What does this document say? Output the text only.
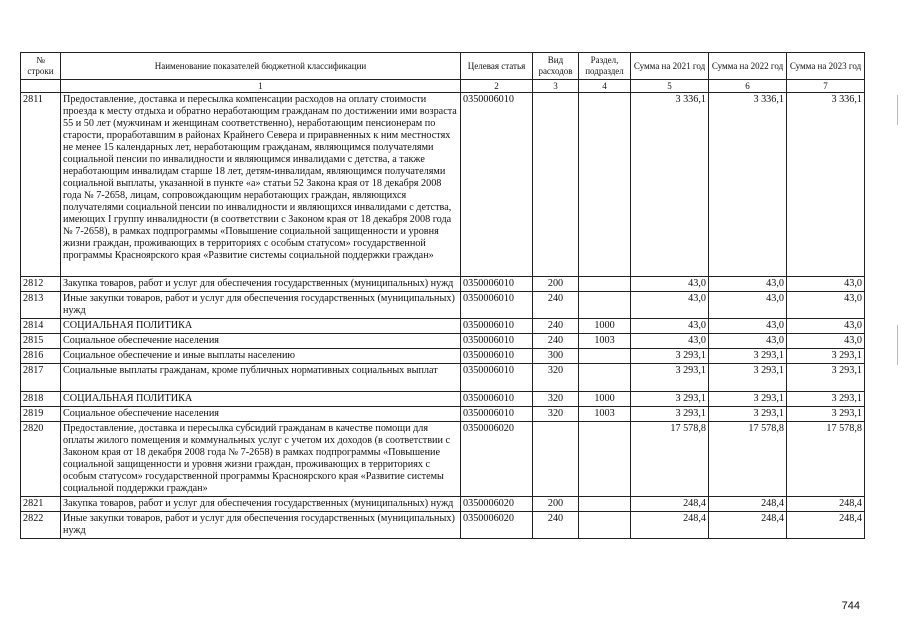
№ строки	Наименование показателей бюджетной классификации	Целевая статья	Вид расходов	Раздел, подраздел	Сумма на 2021 год	Сумма на 2022 год	Сумма на 2023 год
	1	2	3	4	5	6	7
2811	Предоставление, доставка и пересылка компенсации расходов на оплату стоимости проезда к месту отдыха и обратно неработающим гражданам по достижении ими возраста 55 и 50 лет (мужчинам и женщинам соответственно), неработающим пенсионерам по старости, проработавшим в районах Крайнего Севера и приравненных к ним местностях не менее 15 календарных лет, неработающим гражданам, являющимся получателями социальной пенсии по инвалидности и являющимся инвалидами с детства, а также неработающим инвалидам старше 18 лет, детям-инвалидам, являющимся получателями социальной выплаты, указанной в пункте «а» статьи 52 Закона края от 18 декабря 2008 года № 7-2658, лицам, сопровождающим неработающих граждан, являющихся получателями социальной пенсии по инвалидности и являющихся инвалидами с детства, имеющих I группу инвалидности (в соответствии с Законом края от 18 декабря 2008 года № 7-2658), в рамках подпрограммы «Повышение социальной защищенности и уровня жизни граждан, проживающих в территориях с особым статусом» государственной программы Красноярского края «Развитие системы социальной поддержки граждан»	0350006010			3 336,1	3 336,1	3 336,1
2812	Закупка товаров, работ и услуг для обеспечения государственных (муниципальных) нужд	0350006010	200		43,0	43,0	43,0
2813	Иные закупки товаров, работ и услуг для обеспечения государственных (муниципальных) нужд	0350006010	240		43,0	43,0	43,0
2814	СОЦИАЛЬНАЯ ПОЛИТИКА	0350006010	240	1000	43,0	43,0	43,0
2815	Социальное обеспечение населения	0350006010	240	1003	43,0	43,0	43,0
2816	Социальное обеспечение и иные выплаты населению	0350006010	300		3 293,1	3 293,1	3 293,1
2817	Социальные выплаты гражданам, кроме публичных нормативных социальных выплат	0350006010	320		3 293,1	3 293,1	3 293,1
2818	СОЦИАЛЬНАЯ ПОЛИТИКА	0350006010	320	1000	3 293,1	3 293,1	3 293,1
2819	Социальное обеспечение населения	0350006010	320	1003	3 293,1	3 293,1	3 293,1
2820	Предоставление, доставка и пересылка субсидий гражданам в качестве помощи для оплаты жилого помещения и коммунальных услуг с учетом их доходов (в соответствии с Законом края от 18 декабря 2008 года № 7-2658) в рамках подпрограммы «Повышение социальной защищенности и уровня жизни граждан, проживающих в территориях с особым статусом» государственной программы Красноярского края «Развитие системы социальной поддержки граждан»	0350006020			17 578,8	17 578,8	17 578,8
2821	Закупка товаров, работ и услуг для обеспечения государственных (муниципальных) нужд	0350006020	200		248,4	248,4	248,4
2822	Иные закупки товаров, работ и услуг для обеспечения государственных (муниципальных) нужд	0350006020	240		248,4	248,4	248,4
744
